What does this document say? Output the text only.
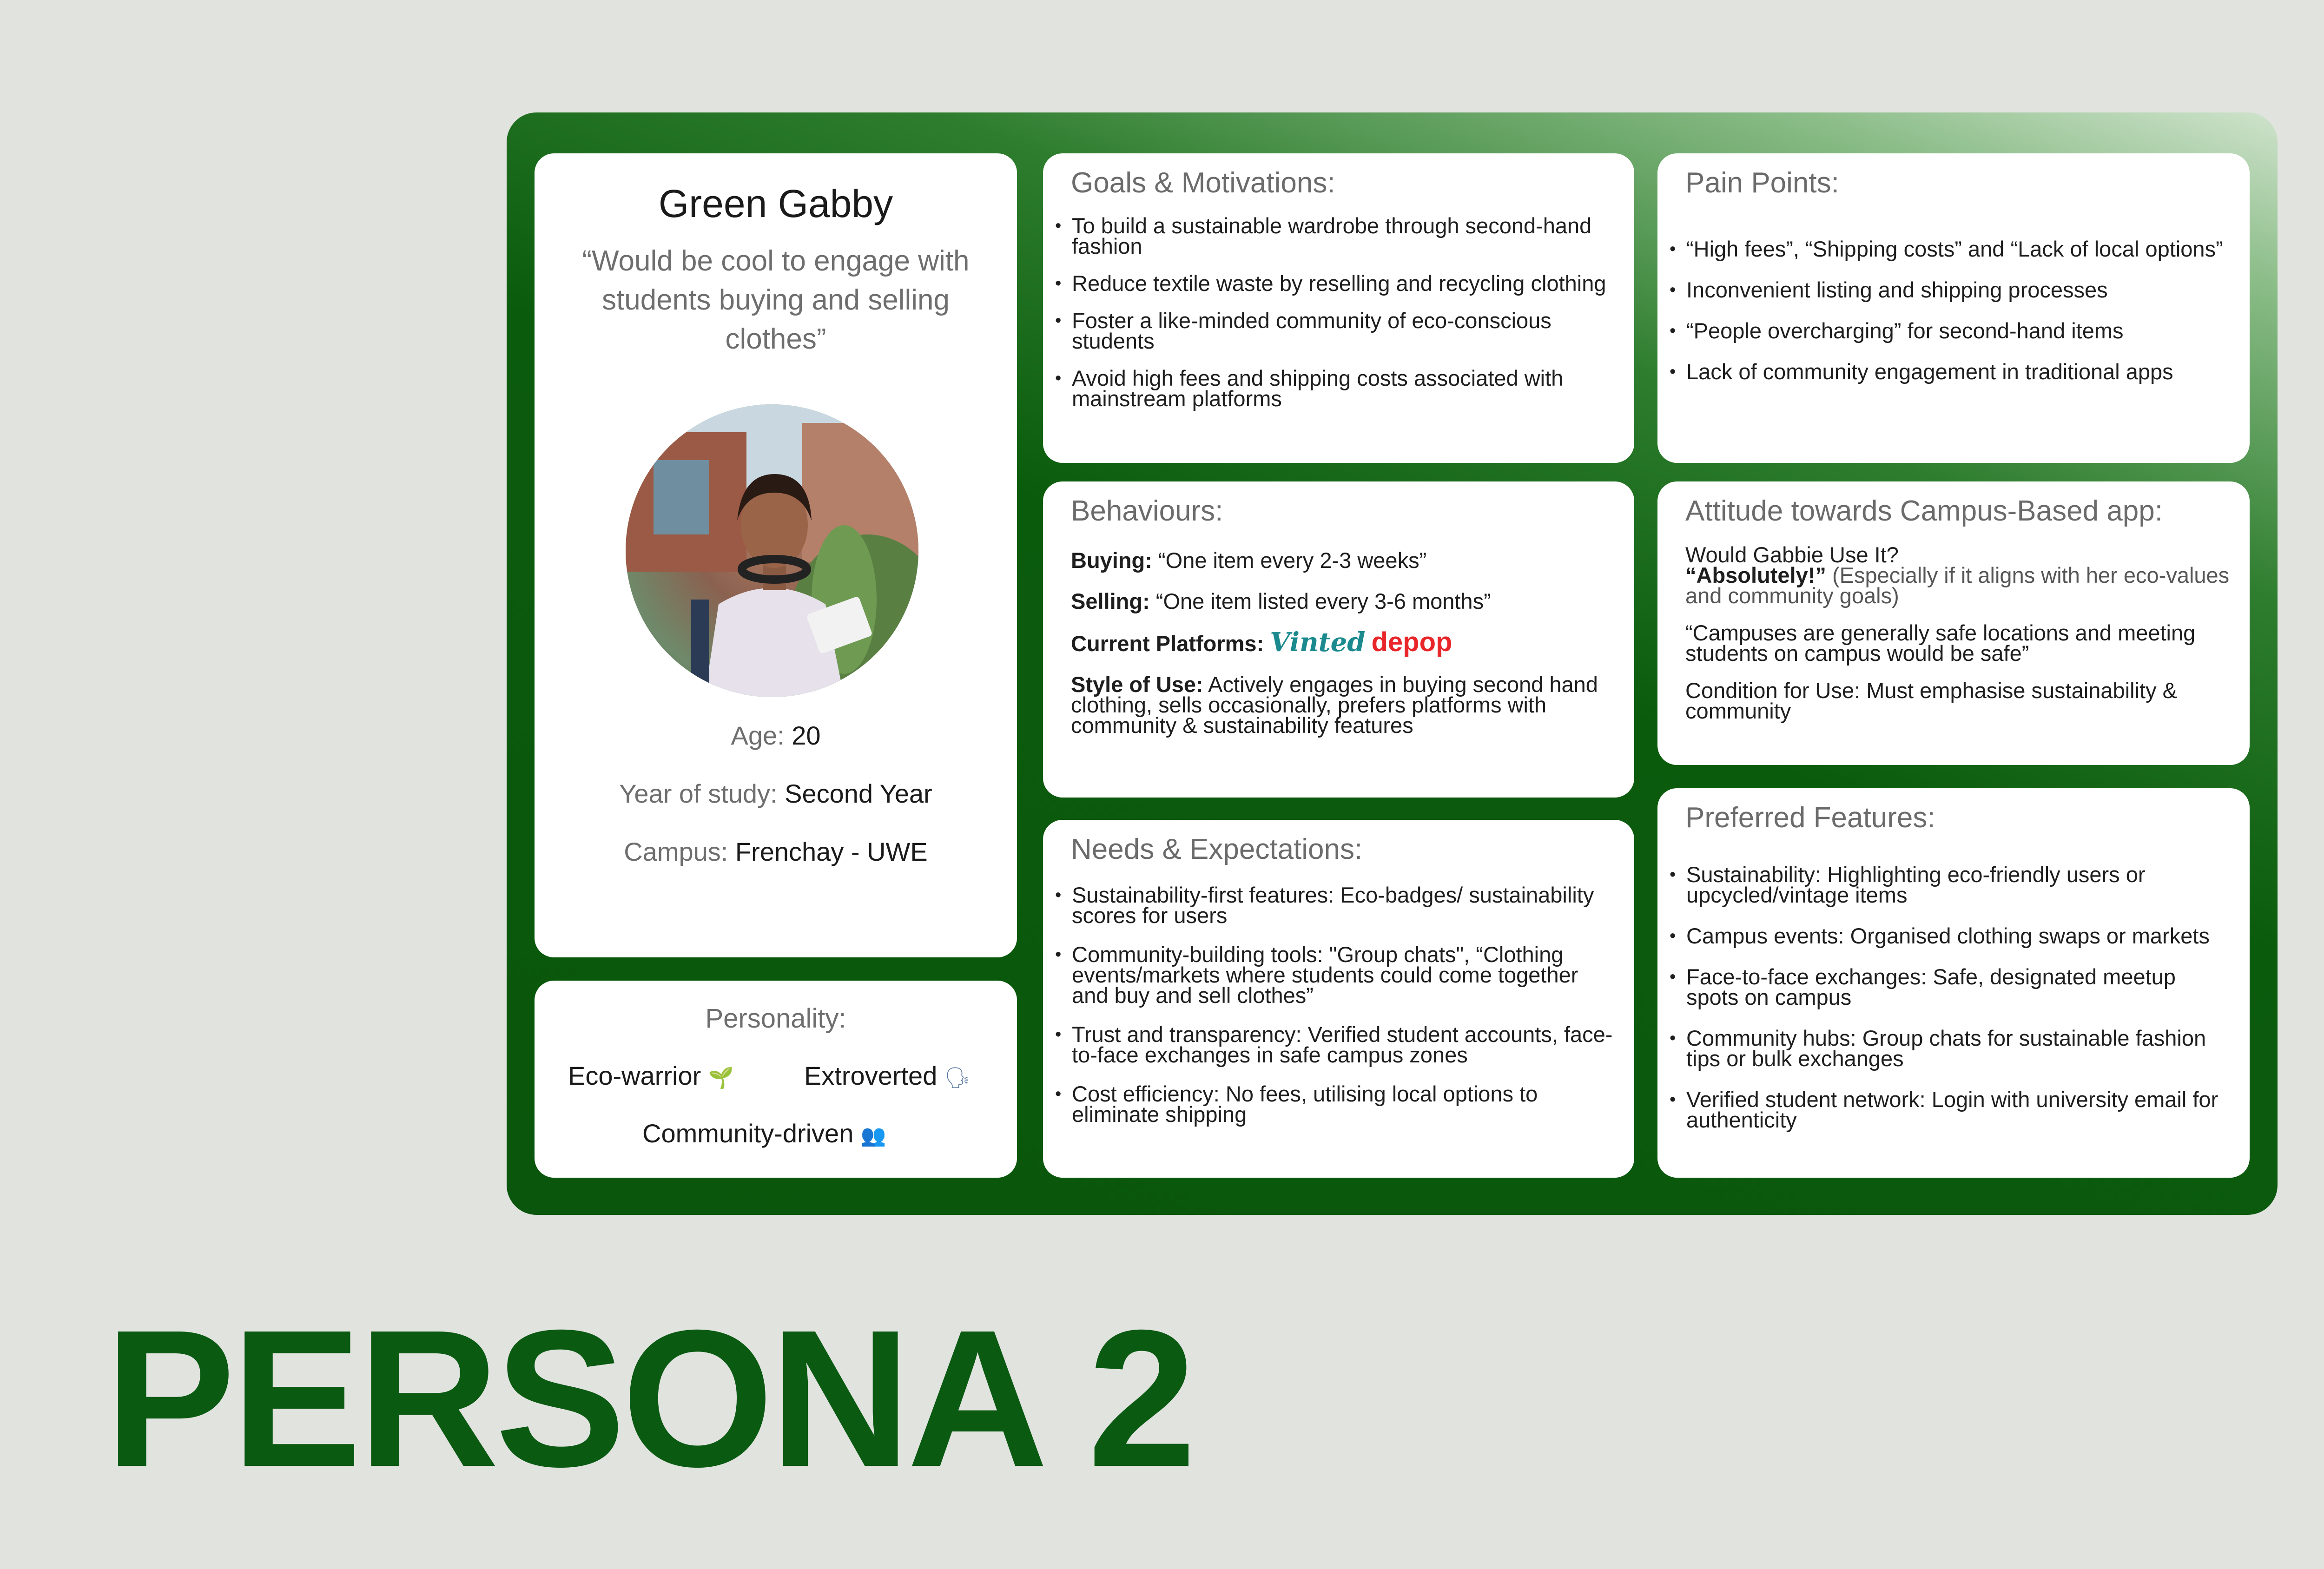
Green Gabby
“Would be cool to engage with students buying and selling clothes”
Age: 20
Year of study: Second Year
Campus: Frenchay - UWE
Personality:
Eco-warrior 🌱	Extroverted 🗣
Community-driven 👥
Goals & Motivations:
• To build a sustainable wardrobe through second-hand fashion
• Reduce textile waste by reselling and recycling clothing
• Foster a like-minded community of eco-conscious students
• Avoid high fees and shipping costs associated with mainstream platforms
Pain Points:
• “High fees”, “Shipping costs” and “Lack of local options”
• Inconvenient listing and shipping processes
• “People overcharging” for second-hand items
• Lack of community engagement in traditional apps
Behaviours:

Buying: “One item every 2-3 weeks”

Selling: “One item listed every 3-6 months”

Current Platforms: Vinted depop

Style of Use: Actively engages in buying second hand clothing, sells occasionally, prefers platforms with community & sustainability features

Attitude towards Campus-Based app:

Would Gabbie Use It?

“Absolutely!” (Especially if it aligns with her eco-values and community goals)

“Campuses are generally safe locations and meeting students on campus would be safe”

Condition for Use: Must emphasise sustainability & community

Needs & Expectations:
• Sustainability-first features: Eco-badges/ sustainability scores for users
• Community-building tools: "Group chats", “Clothing events/markets where students could come together and buy and sell clothes”
• Trust and transparency: Verified student accounts, face-to-face exchanges in safe campus zones
• Cost efficiency: No fees, utilising local options to eliminate shipping
Preferred Features:
• Sustainability: Highlighting eco-friendly users or upcycled/vintage items
• Campus events: Organised clothing swaps or markets
• Face-to-face exchanges: Safe, designated meetup spots on campus
• Community hubs: Group chats for sustainable fashion tips or bulk exchanges
• Verified student network: Login with university email for authenticity
PERSONA 2
